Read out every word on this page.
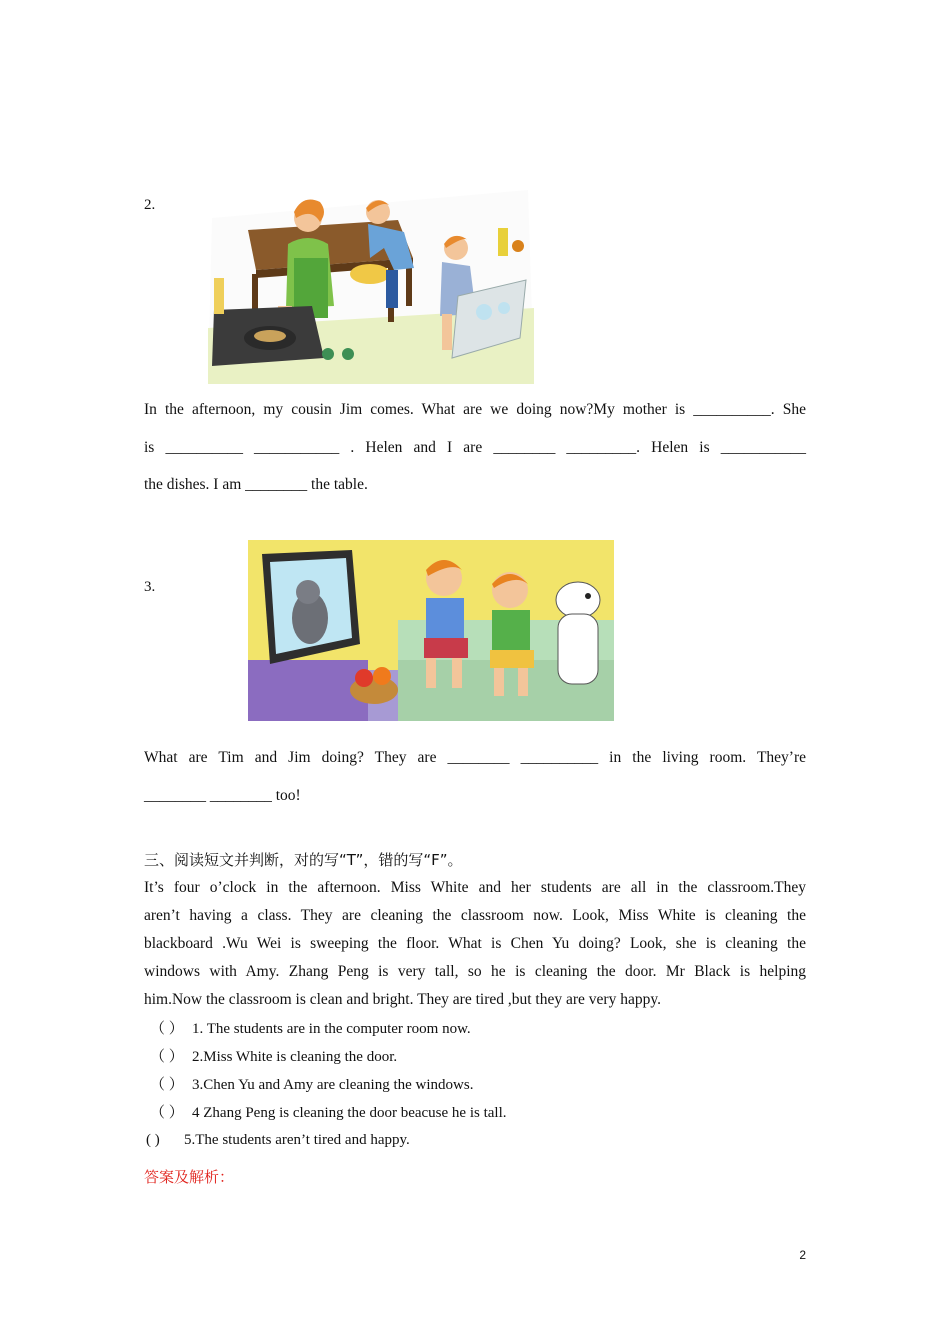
2.
In the afternoon, my cousin Jim comes. What are we doing now?My mother is __________. She
is __________ ___________ . Helen and I are ________ _________. Helen is ___________
the dishes. I am ________ the table.
3.
What are Tim and Jim doing? They are ________ __________ in the living room. They’re
________ ________ too!
三、阅读短文并判断，对的写“T”，错的写“F”。
It’s four o’clock in the afternoon. Miss White and her students are all in the classroom.They
aren’t having a class. They are cleaning the classroom now. Look, Miss White is cleaning the
blackboard .Wu Wei is sweeping the floor. What is Chen Yu doing? Look, she is cleaning the
windows with Amy. Zhang Peng is very tall, so he is cleaning the door. Mr Black is helping
him.Now the classroom is clean and bright. They are tired ,but they are very happy.
（ ） 1. The students are in the computer room now.
（ ） 2.Miss White is cleaning the door.
（ ） 3.Chen Yu and Amy are cleaning the windows.
（ ） 4 Zhang Peng is cleaning the door beacuse he is tall.
( ) 5.The students aren’t tired and happy.
答案及解析：
2
